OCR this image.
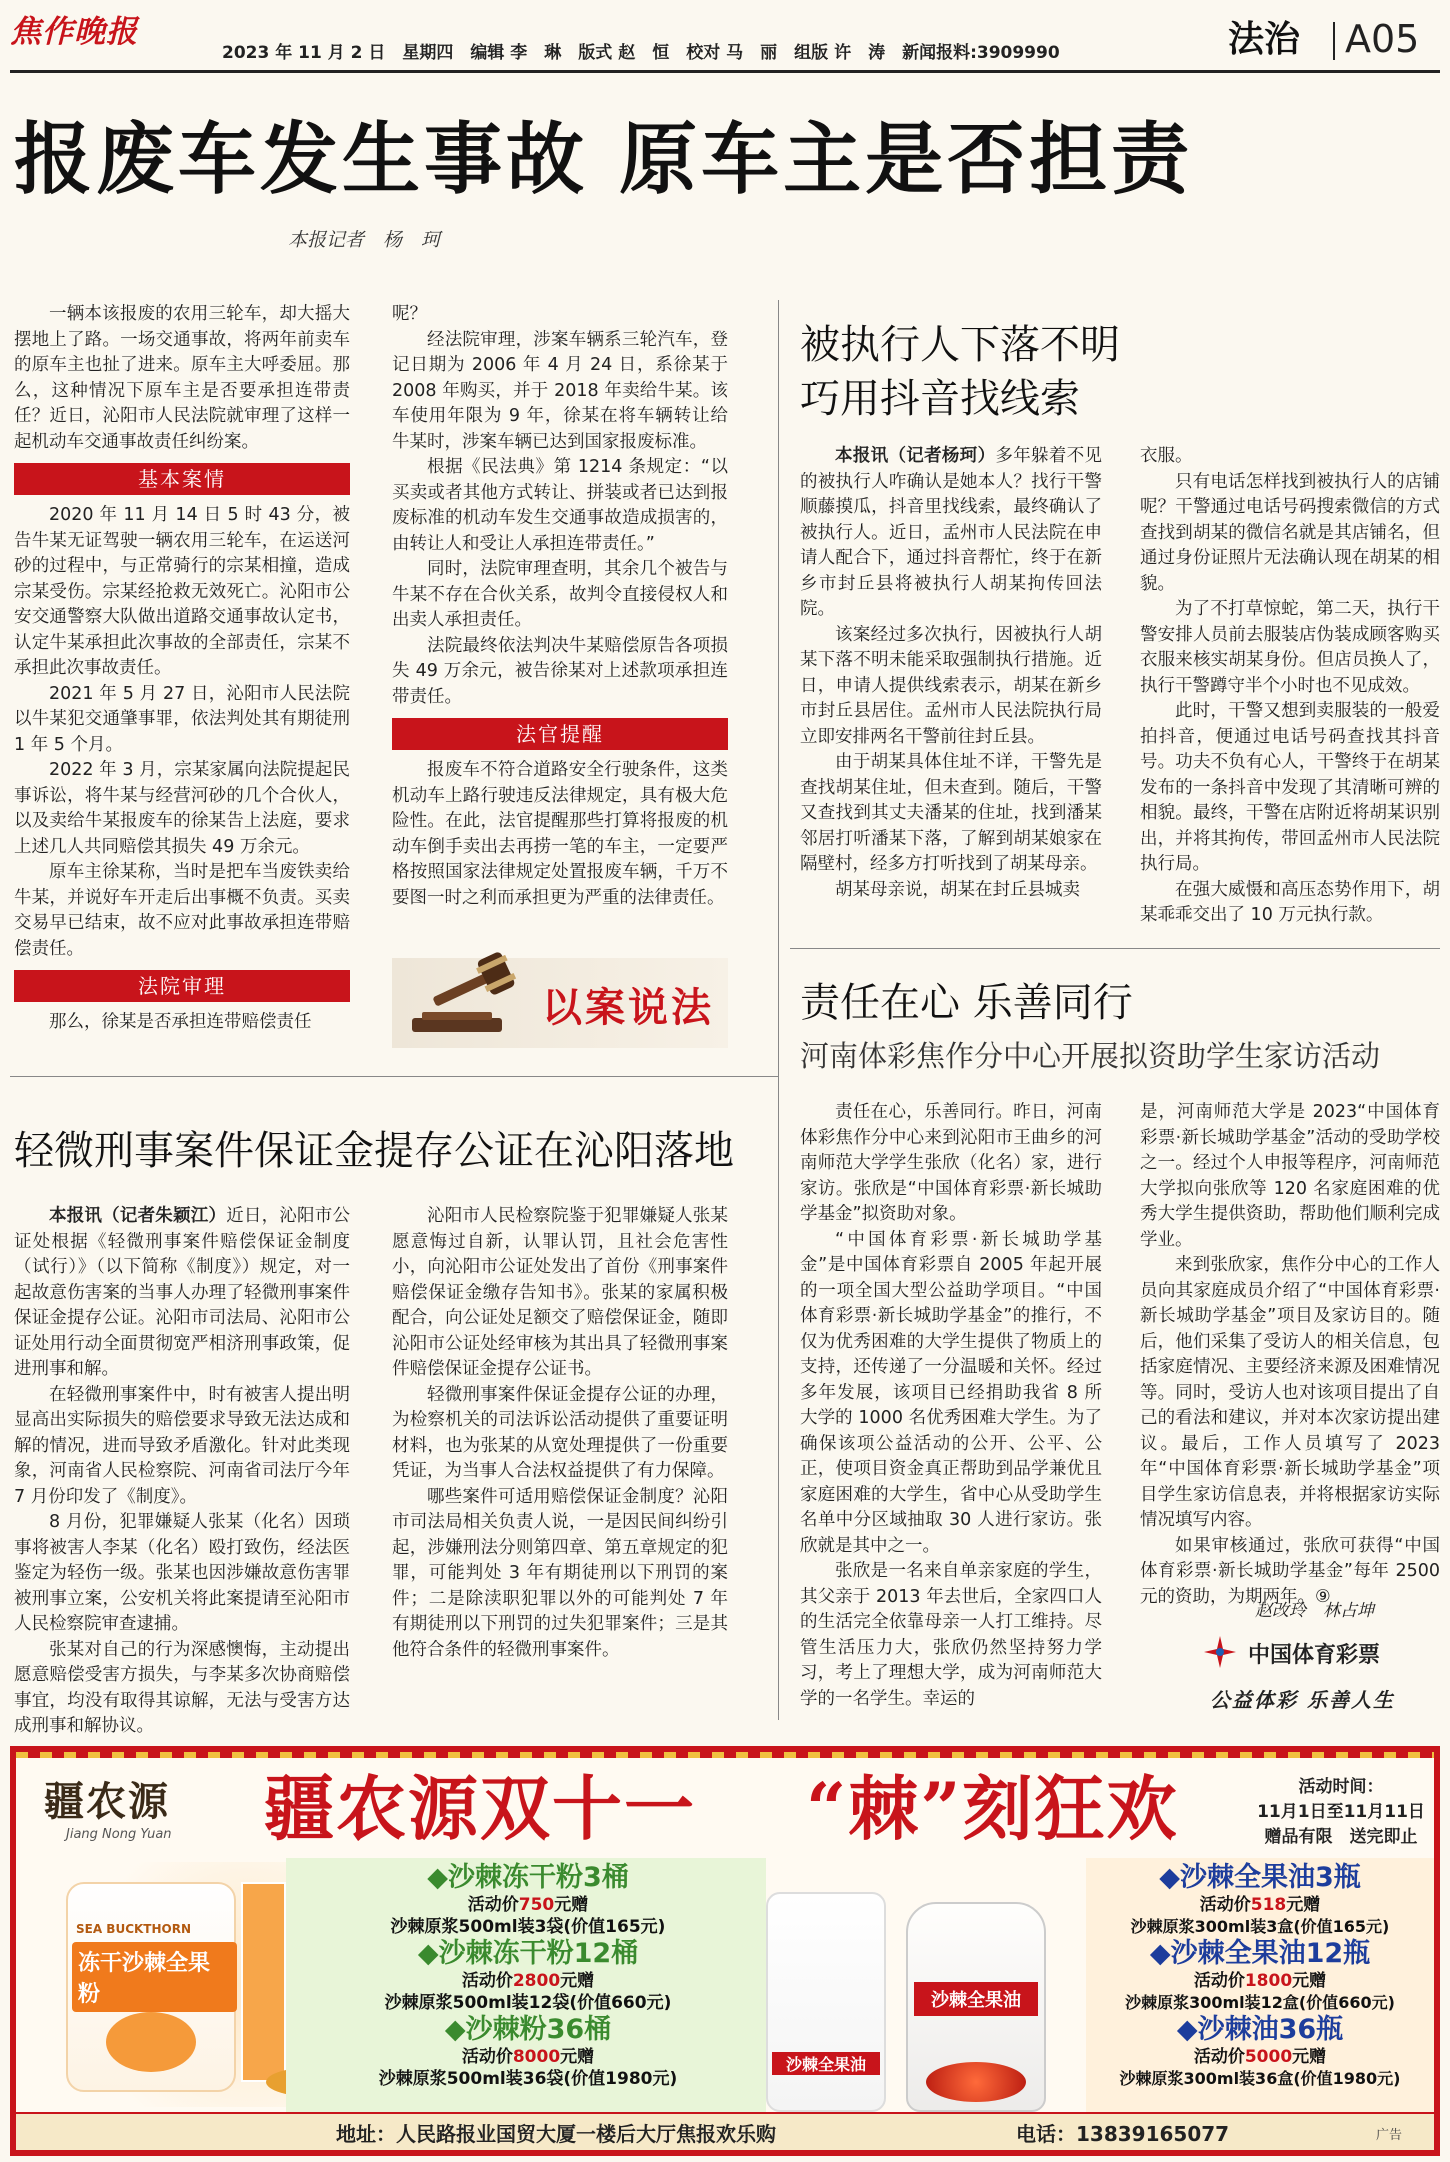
焦作晚报
2023 年 11 月 2 日　星期四　编辑 李　琳　版式 赵　恒　校对 马　丽　组版 许　涛　新闻报料:3909990	法治 A05
报废车发生事故 原车主是否担责
本报记者　杨　珂

一辆本该报废的农用三轮车，却大摇大摆地上了路。一场交通事故，将两年前卖车的原车主也扯了进来。原车主大呼委屈。那么，这种情况下原车主是否要承担连带责任？近日，沁阳市人民法院就审理了这样一起机动车交通事故责任纠纷案。

基本案情

2020 年 11 月 14 日 5 时 43 分，被告牛某无证驾驶一辆农用三轮车，在运送河砂的过程中，与正常骑行的宗某相撞，造成宗某受伤。宗某经抢救无效死亡。沁阳市公安交通警察大队做出道路交通事故认定书，认定牛某承担此次事故的全部责任，宗某不承担此次事故责任。

2021 年 5 月 27 日，沁阳市人民法院以牛某犯交通肇事罪，依法判处其有期徒刑 1 年 5 个月。

2022 年 3 月，宗某家属向法院提起民事诉讼，将牛某与经营河砂的几个合伙人，以及卖给牛某报废车的徐某告上法庭，要求上述几人共同赔偿其损失 49 万余元。

原车主徐某称，当时是把车当废铁卖给牛某，并说好车开走后出事概不负责。买卖交易早已结束，故不应对此事故承担连带赔偿责任。

法院审理

那么，徐某是否承担连带赔偿责任

呢？

经法院审理，涉案车辆系三轮汽车，登记日期为 2006 年 4 月 24 日，系徐某于 2008 年购买，并于 2018 年卖给牛某。该车使用年限为 9 年，徐某在将车辆转让给牛某时，涉案车辆已达到国家报废标准。

根据《民法典》第 1214 条规定：“以买卖或者其他方式转让、拼装或者已达到报废标准的机动车发生交通事故造成损害的，由转让人和受让人承担连带责任。”

同时，法院审理查明，其余几个被告与牛某不存在合伙关系，故判令直接侵权人和出卖人承担责任。

法院最终依法判决牛某赔偿原告各项损失 49 万余元，被告徐某对上述款项承担连带责任。

法官提醒

报废车不符合道路安全行驶条件，这类机动车上路行驶违反法律规定，具有极大危险性。在此，法官提醒那些打算将报废的机动车倒手卖出去再捞一笔的车主，一定要严格按照国家法律规定处置报废车辆，千万不要图一时之利而承担更为严重的法律责任。

以案说法
被执行人下落不明
巧用抖音找线索

本报讯（记者杨珂）多年躲着不见的被执行人咋确认是她本人？找行干警顺藤摸瓜，抖音里找线索，最终确认了被执行人。近日，孟州市人民法院在申请人配合下，通过抖音帮忙，终于在新乡市封丘县将被执行人胡某拘传回法院。

该案经过多次执行，因被执行人胡某下落不明未能采取强制执行措施。近日，申请人提供线索表示，胡某在新乡市封丘县居住。孟州市人民法院执行局立即安排两名干警前往封丘县。

由于胡某具体住址不详，干警先是查找胡某住址，但未查到。随后，干警又查找到其丈夫潘某的住址，找到潘某邻居打听潘某下落，了解到胡某娘家在隔壁村，经多方打听找到了胡某母亲。

胡某母亲说，胡某在封丘县城卖

衣服。

只有电话怎样找到被执行人的店铺呢？干警通过电话号码搜索微信的方式查找到胡某的微信名就是其店铺名，但通过身份证照片无法确认现在胡某的相貌。

为了不打草惊蛇，第二天，执行干警安排人员前去服装店伪装成顾客购买衣服来核实胡某身份。但店员换人了，执行干警蹲守半个小时也不见成效。

此时，干警又想到卖服装的一般爱拍抖音，便通过电话号码查找其抖音号。功夫不负有心人，干警终于在胡某发布的一条抖音中发现了其清晰可辨的相貌。最终，干警在店附近将胡某识别出，并将其拘传，带回孟州市人民法院执行局。

在强大威慑和高压态势作用下，胡某乖乖交出了 10 万元执行款。

责任在心 乐善同行
河南体彩焦作分中心开展拟资助学生家访活动

责任在心，乐善同行。昨日，河南体彩焦作分中心来到沁阳市王曲乡的河南师范大学学生张欣（化名）家，进行家访。张欣是“中国体育彩票·新长城助学基金”拟资助对象。

“中国体育彩票·新长城助学基金”是中国体育彩票自 2005 年起开展的一项全国大型公益助学项目。“中国体育彩票·新长城助学基金”的推行，不仅为优秀困难的大学生提供了物质上的支持，还传递了一分温暖和关怀。经过多年发展，该项目已经捐助我省 8 所大学的 1000 名优秀困难大学生。为了确保该项公益活动的公开、公平、公正，使项目资金真正帮助到品学兼优且家庭困难的大学生，省中心从受助学生名单中分区域抽取 30 人进行家访。张欣就是其中之一。

张欣是一名来自单亲家庭的学生，其父亲于 2013 年去世后，全家四口人的生活完全依靠母亲一人打工维持。尽管生活压力大，张欣仍然坚持努力学习，考上了理想大学，成为河南师范大学的一名学生。幸运的

是，河南师范大学是 2023“中国体育彩票·新长城助学基金”活动的受助学校之一。经过个人申报等程序，河南师范大学拟向张欣等 120 名家庭困难的优秀大学生提供资助，帮助他们顺利完成学业。

来到张欣家，焦作分中心的工作人员向其家庭成员介绍了“中国体育彩票·新长城助学基金”项目及家访目的。随后，他们采集了受访人的相关信息，包括家庭情况、主要经济来源及困难情况等。同时，受访人也对该项目提出了自己的看法和建议，并对本次家访提出建议。最后，工作人员填写了 2023 年“中国体育彩票·新长城助学基金”项目学生家访信息表，并将根据家访实际情况填写内容。

如果审核通过，张欣可获得“中国体育彩票·新长城助学基金”每年 2500 元的资助，为期两年。⑨

赵改玲　林占坤
中国体育彩票
公益体彩 乐善人生
轻微刑事案件保证金提存公证在沁阳落地

本报讯（记者朱颖江）近日，沁阳市公证处根据《轻微刑事案件赔偿保证金制度（试行）》（以下简称《制度》）规定，对一起故意伤害案的当事人办理了轻微刑事案件保证金提存公证。沁阳市司法局、沁阳市公证处用行动全面贯彻宽严相济刑事政策，促进刑事和解。

在轻微刑事案件中，时有被害人提出明显高出实际损失的赔偿要求导致无法达成和解的情况，进而导致矛盾激化。针对此类现象，河南省人民检察院、河南省司法厅今年 7 月份印发了《制度》。

8 月份，犯罪嫌疑人张某（化名）因琐事将被害人李某（化名）殴打致伤，经法医鉴定为轻伤一级。张某也因涉嫌故意伤害罪被刑事立案，公安机关将此案提请至沁阳市人民检察院审查逮捕。

张某对自己的行为深感懊悔，主动提出愿意赔偿受害方损失，与李某多次协商赔偿事宜，均没有取得其谅解，无法与受害方达成刑事和解协议。

沁阳市人民检察院鉴于犯罪嫌疑人张某愿意悔过自新，认罪认罚，且社会危害性小，向沁阳市公证处发出了首份《刑事案件赔偿保证金缴存告知书》。张某的家属积极配合，向公证处足额交了赔偿保证金，随即沁阳市公证处经审核为其出具了轻微刑事案件赔偿保证金提存公证书。

轻微刑事案件保证金提存公证的办理，为检察机关的司法诉讼活动提供了重要证明材料，也为张某的从宽处理提供了一份重要凭证，为当事人合法权益提供了有力保障。

哪些案件可适用赔偿保证金制度？沁阳市司法局相关负责人说，一是因民间纠纷引起，涉嫌刑法分则第四章、第五章规定的犯罪，可能判处 3 年有期徒刑以下刑罚的案件；二是除渎职犯罪以外的可能判处 7 年有期徒刑以下刑罚的过失犯罪案件；三是其他符合条件的轻微刑事案件。

疆农源
Jiang Nong Yuan	疆农源双十一 “棘”刻狂欢	活动时间：
11月1日至11月11日
赠品有限　送完即止
SEA BUCKTHORN
冻干沙棘全果粉
◆沙棘冻干粉3桶
活动价750元赠
沙棘原浆500ml装3袋(价值165元)
◆沙棘冻干粉12桶
活动价2800元赠
沙棘原浆500ml装12袋(价值660元)
◆沙棘粉36桶
活动价8000元赠
沙棘原浆500ml装36袋(价值1980元)
沙棘全果油
沙棘全果油
◆沙棘全果油3瓶
活动价518元赠
沙棘原浆300ml装3盒(价值165元)
◆沙棘全果油12瓶
活动价1800元赠
沙棘原浆300ml装12盒(价值660元)
◆沙棘油36瓶
活动价5000元赠
沙棘原浆300ml装36盒(价值1980元)
地址：人民路报业国贸大厦一楼后大厅焦报欢乐购	电话：13839165077	广告
